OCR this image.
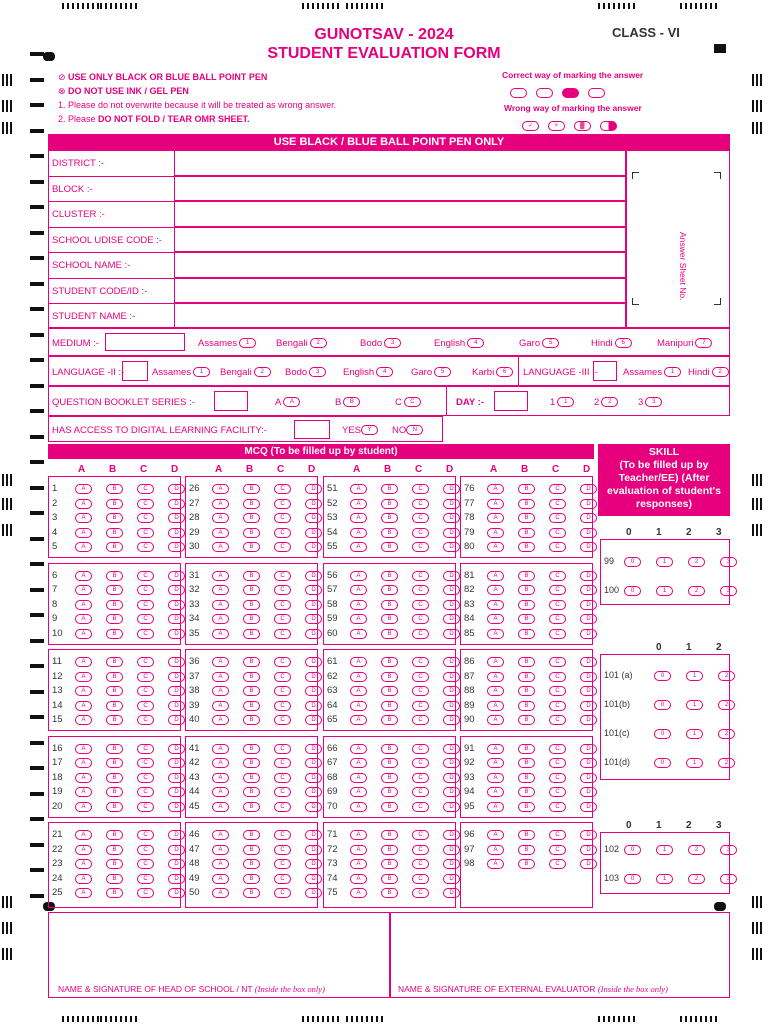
GUNOTSAV - 2024
STUDENT EVALUATION FORM
CLASS - VI
⊘ USE ONLY BLACK OR BLUE BALL POINT PEN
⊗ DO NOT USE INK / GEL PEN
1. Please do not overwrite because it will be treated as wrong answer.
2. Please DO NOT FOLD / TEAR OMR SHEET.
Correct way of marking the answer

Wrong way of marking the answer
✓	×	▓
USE BLACK / BLUE BALL POINT PEN ONLY
DISTRICT :-
BLOCK :-
CLUSTER :-
SCHOOL UDISE CODE :-
SCHOOL NAME :-
STUDENT CODE/ID :-
STUDENT NAME :-
Answer Sheet No.
MEDIUM :-	Assames 1	Bengali 2	Bodo 3	English 4	Garo 5	Hindi 6	Manipuri 7
LANGUAGE -II :-	Assames 1	Bengali 2	Bodo 3	English 4	Garo 5	Karbi 6	LANGUAGE -III :-	Assames 1	Hindi 2
QUESTION BOOKLET SERIES :-	A A	B B	C C	DAY :-	1 1	2 2	3 3
HAS ACCESS TO DIGITAL LEARNING FACILITY:-	YES Y	NO N
MCQ (To be filled up by student)
A B C D
1	A	B	C	D
2	A	B	C	D
3	A	B	C	D
4	A	B	C	D
5	A	B	C	D
6	A	B	C	D
7	A	B	C	D
8	A	B	C	D
9	A	B	C	D
10	A	B	C	D
11	A	B	C	D
12	A	B	C	D
13	A	B	C	D
14	A	B	C	D
15	A	B	C	D
16	A	B	C	D
17	A	B	C	D
18	A	B	C	D
19	A	B	C	D
20	A	B	C	D
21	A	B	C	D
22	A	B	C	D
23	A	B	C	D
24	A	B	C	D
25	A	B	C	D
A B C D
26	A	B	C	D
27	A	B	C	D
28	A	B	C	D
29	A	B	C	D
30	A	B	C	D
31	A	B	C	D
32	A	B	C	D
33	A	B	C	D
34	A	B	C	D
35	A	B	C	D
36	A	B	C	D
37	A	B	C	D
38	A	B	C	D
39	A	B	C	D
40	A	B	C	D
41	A	B	C	D
42	A	B	C	D
43	A	B	C	D
44	A	B	C	D
45	A	B	C	D
46	A	B	C	D
47	A	B	C	D
48	A	B	C	D
49	A	B	C	D
50	A	B	C	D
A B C D
51	A	B	C	D
52	A	B	C	D
53	A	B	C	D
54	A	B	C	D
55	A	B	C	D
56	A	B	C	D
57	A	B	C	D
58	A	B	C	D
59	A	B	C	D
60	A	B	C	D
61	A	B	C	D
62	A	B	C	D
63	A	B	C	D
64	A	B	C	D
65	A	B	C	D
66	A	B	C	D
67	A	B	C	D
68	A	B	C	D
69	A	B	C	D
70	A	B	C	D
71	A	B	C	D
72	A	B	C	D
73	A	B	C	D
74	A	B	C	D
75	A	B	C	D
A B C D
76	A	B	C	D
77	A	B	C	D
78	A	B	C	D
79	A	B	C	D
80	A	B	C	D
81	A	B	C	D
82	A	B	C	D
83	A	B	C	D
84	A	B	C	D
85	A	B	C	D
86	A	B	C	D
87	A	B	C	D
88	A	B	C	D
89	A	B	C	D
90	A	B	C	D
91	A	B	C	D
92	A	B	C	D
93	A	B	C	D
94	A	B	C	D
95	A	B	C	D
96	A	B	C	D
97	A	B	C	D
98	A	B	C	D
SKILL
(To be filled up by Teacher/EE) (After evaluation of student's responses)
0 1 2 3
99	0	1	2	3
100	0	1	2	3
0 1 2
101 (a)	0	1	2
101(b)	0	1	2
101(c)	0	1	2
101(d)	0	1	2
0 1 2 3
102	0	1	2	3
103	0	1	2	3
NAME & SIGNATURE OF HEAD OF SCHOOL / NT (Inside the box only)	NAME & SIGNATURE OF EXTERNAL EVALUATOR (Inside the box only)
